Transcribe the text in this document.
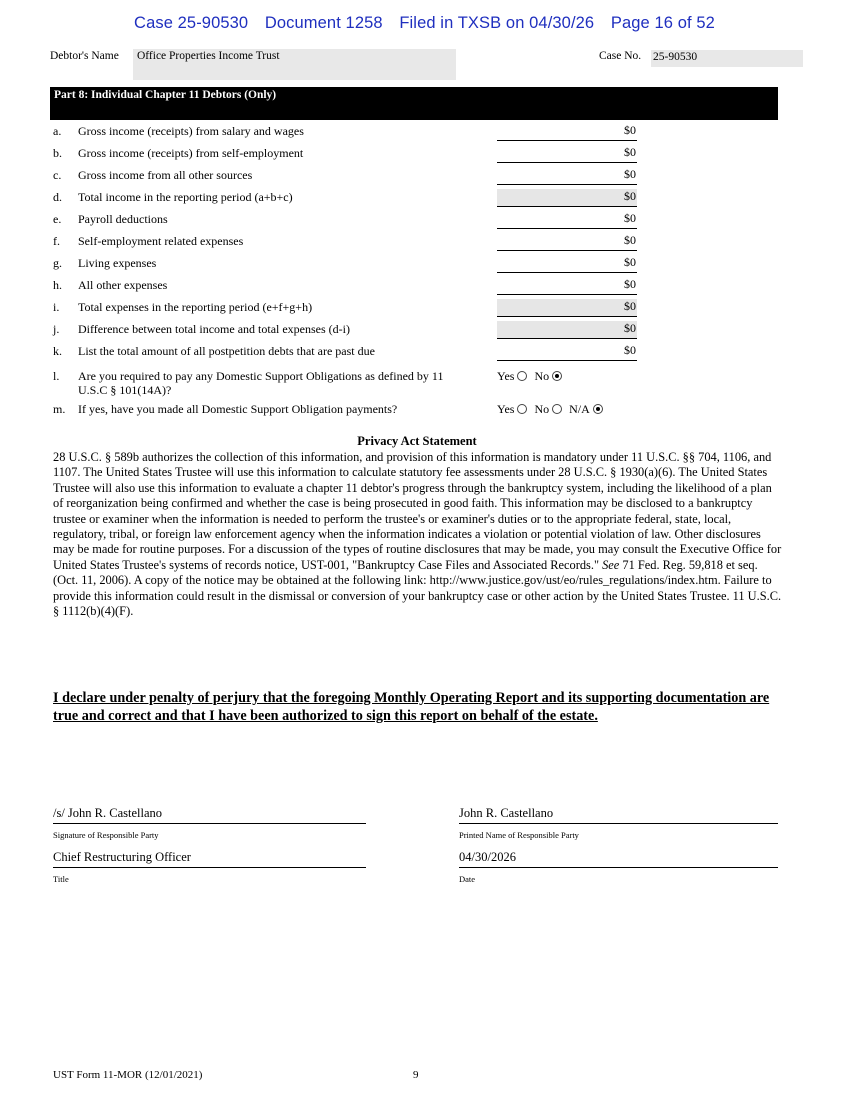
Case 25-90530 Document 1258 Filed in TXSB on 04/30/26 Page 16 of 52
Debtor's Name	Office Properties Income Trust	Case No. 25-90530
Part 8: Individual Chapter 11 Debtors (Only)
a. Gross income (receipts) from salary and wages	$0
b. Gross income (receipts) from self-employment	$0
c. Gross income from all other sources	$0
d. Total income in the reporting period (a+b+c)	$0
e. Payroll deductions	$0
f. Self-employment related expenses	$0
g. Living expenses	$0
h. All other expenses	$0
i. Total expenses in the reporting period (e+f+g+h)	$0
j. Difference between total income and total expenses (d-i)	$0
k. List the total amount of all postpetition debts that are past due	$0
l. Are you required to pay any Domestic Support Obligations as defined by 11
U.S.C § 101(14A)?
Yes No
m. If yes, have you made all Domestic Support Obligation payments?	Yes No N/A
Privacy Act Statement
28 U.S.C. § 589b authorizes the collection of this information, and provision of this information is mandatory under 11 U.S.C. §§ 704, 1106, and 1107. The United States Trustee will use this information to calculate statutory fee assessments under 28 U.S.C. § 1930(a)(6). The United States Trustee will also use this information to evaluate a chapter 11 debtor's progress through the bankruptcy system, including the likelihood of a plan of reorganization being confirmed and whether the case is being prosecuted in good faith. This information may be disclosed to a bankruptcy trustee or examiner when the information is needed to perform the trustee's or examiner's duties or to the appropriate federal, state, local, regulatory, tribal, or foreign law enforcement agency when the information indicates a violation or potential violation of law. Other disclosures may be made for routine purposes. For a discussion of the types of routine disclosures that may be made, you may consult the Executive Office for United States Trustee's systems of records notice, UST-001, "Bankruptcy Case Files and Associated Records." See 71 Fed. Reg. 59,818 et seq. (Oct. 11, 2006). A copy of the notice may be obtained at the following link: http://www.justice.gov/ust/eo/rules_regulations/index.htm. Failure to provide this information could result in the dismissal or conversion of your bankruptcy case or other action by the United States Trustee. 11 U.S.C. § 1112(b)(4)(F).
I declare under penalty of perjury that the foregoing Monthly Operating Report and its supporting documentation are true and correct and that I have been authorized to sign this report on behalf of the estate.
/s/ John R. Castellano
Signature of Responsible Party
John R. Castellano
Printed Name of Responsible Party
Chief Restructuring Officer
Title
04/30/2026
Date
UST Form 11-MOR (12/01/2021)	9
